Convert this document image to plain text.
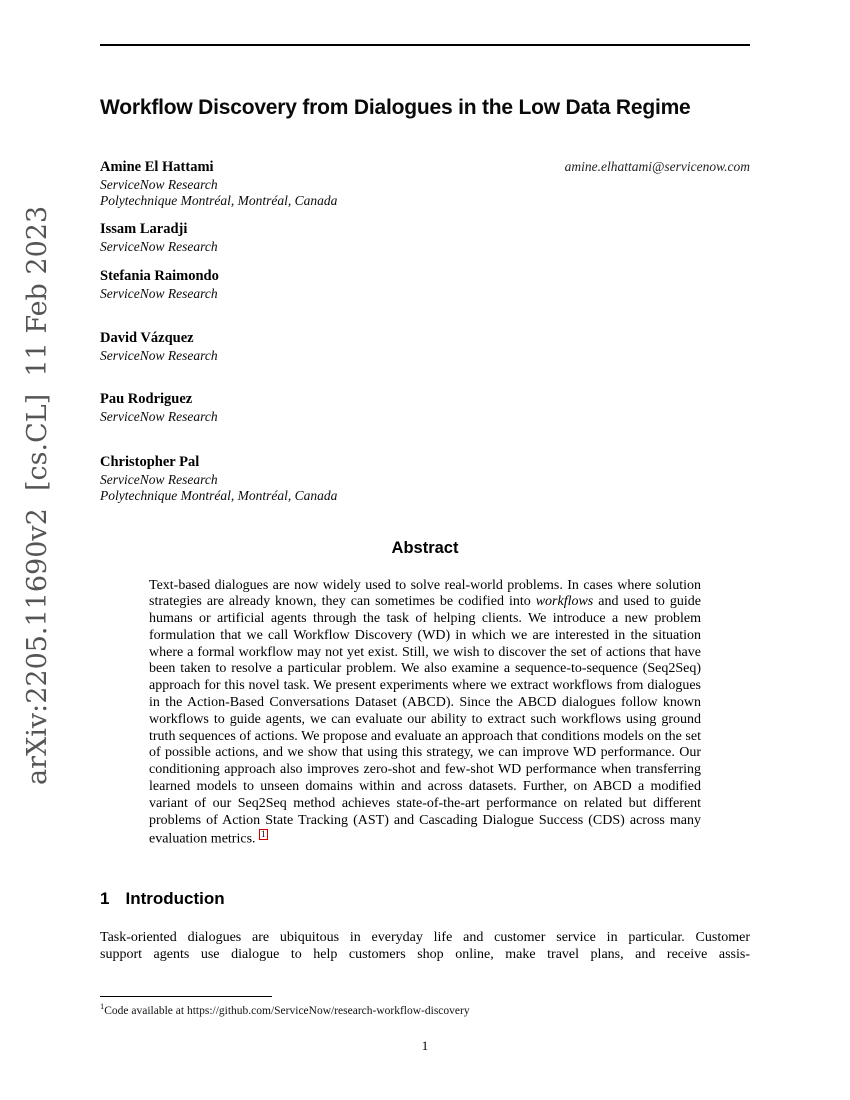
arXiv:2205.11690v2  [cs.CL]  11 Feb 2023
Workflow Discovery from Dialogues in the Low Data Regime
Amine El Hattami	amine.elhattami@servicenow.com
ServiceNow Research
Polytechnique Montréal, Montréal, Canada
Issam Laradji
ServiceNow Research
Stefania Raimondo
ServiceNow Research
David Vázquez
ServiceNow Research
Pau Rodriguez
ServiceNow Research
Christopher Pal
ServiceNow Research
Polytechnique Montréal, Montréal, Canada
Abstract
Text-based dialogues are now widely used to solve real-world problems. In cases where solution strategies are already known, they can sometimes be codified into workflows and used to guide humans or artificial agents through the task of helping clients. We introduce a new problem formulation that we call Workflow Discovery (WD) in which we are interested in the situation where a formal workflow may not yet exist. Still, we wish to discover the set of actions that have been taken to resolve a particular problem. We also examine a sequence-to-sequence (Seq2Seq) approach for this novel task. We present experiments where we extract workflows from dialogues in the Action-Based Conversations Dataset (ABCD). Since the ABCD dialogues follow known workflows to guide agents, we can evaluate our ability to extract such workflows using ground truth sequences of actions. We propose and evaluate an approach that conditions models on the set of possible actions, and we show that using this strategy, we can improve WD performance. Our conditioning approach also improves zero-shot and few-shot WD performance when transferring learned models to unseen domains within and across datasets. Further, on ABCD a modified variant of our Seq2Seq method achieves state-of-the-art performance on related but different problems of Action State Tracking (AST) and Cascading Dialogue Success (CDS) across many evaluation metrics. 1
1 Introduction
Task-oriented dialogues are ubiquitous in everyday life and customer service in particular. Customer
support agents use dialogue to help customers shop online, make travel plans, and receive assis-
$^1$Code available at https://github.com/ServiceNow/research-workflow-discovery
1
